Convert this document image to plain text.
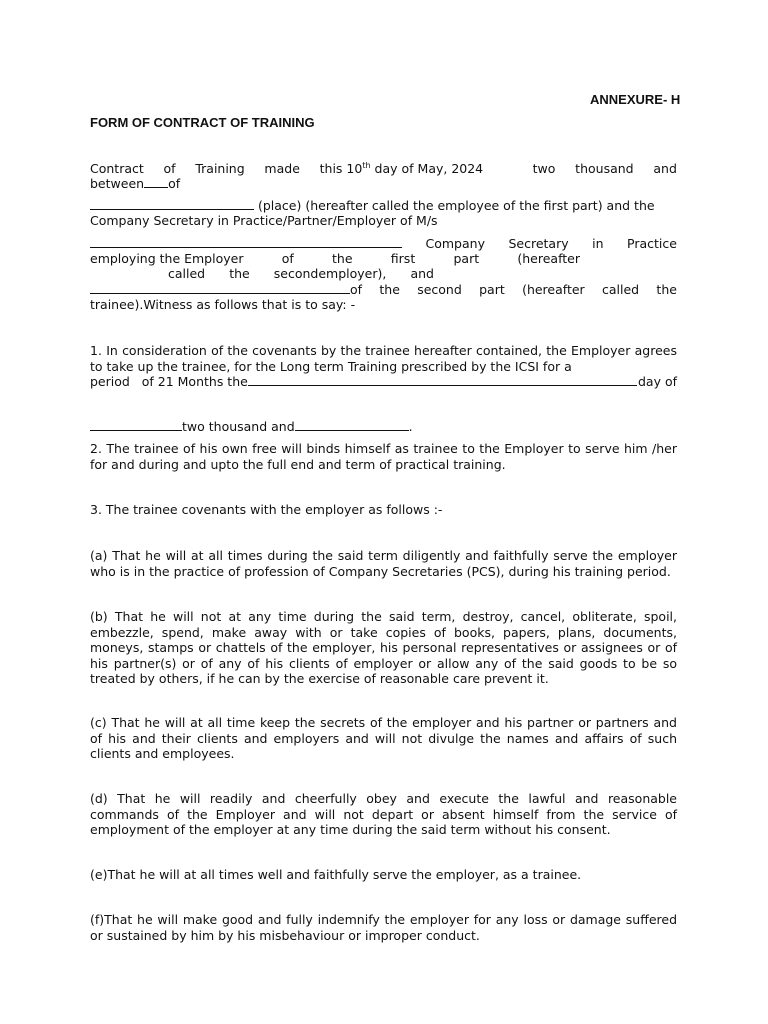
ANNEXURE- H
FORM OF CONTRACT OF TRAINING
Contract of Training made this 10th day of May, 2024	two thousand and
between of
(place) (hereafter called the employee of the first part) and the
Company Secretary in Practice/Partner/Employer of M/s
Company Secretary in Practice
employing the Employer	of	the	first	part	(hereafter
called the secondemployer), and
of the second part (hereafter called the
trainee).Witness as follows that is to say: -
1. In consideration of the covenants by the trainee hereafter contained, the Employer agrees to take up the trainee, for the Long term Training prescribed by the ICSI for a
period   of 21 Months the	day of
two thousand and	.
2. The trainee of his own free will binds himself as trainee to the Employer to serve him /her for and during and upto the full end and term of practical training.
3. The trainee covenants with the employer as follows :-
(a) That he will at all times during the said term diligently and faithfully serve the employer who is in the practice of profession of Company Secretaries (PCS), during his training period.
(b) That he will not at any time during the said term, destroy, cancel, obliterate, spoil, embezzle, spend, make away with or take copies of books, papers, plans, documents, moneys, stamps or chattels of the employer, his personal representatives or assignees or of his partner(s) or of any of his clients of employer or allow any of the said goods to be so treated by others, if he can by the exercise of reasonable care prevent it.
(c) That he will at all time keep the secrets of the employer and his partner or partners and of his and their clients and employers and will not divulge the names and affairs of such clients and employees.
(d) That he will readily and cheerfully obey and execute the lawful and reasonable commands of the Employer and will not depart or absent himself from the service of employment of the employer at any time during the said term without his consent.
(e)That he will at all times well and faithfully serve the employer, as a trainee.
(f)That he will make good and fully indemnify the employer for any loss or damage suffered or sustained by him by his misbehaviour or improper conduct.
